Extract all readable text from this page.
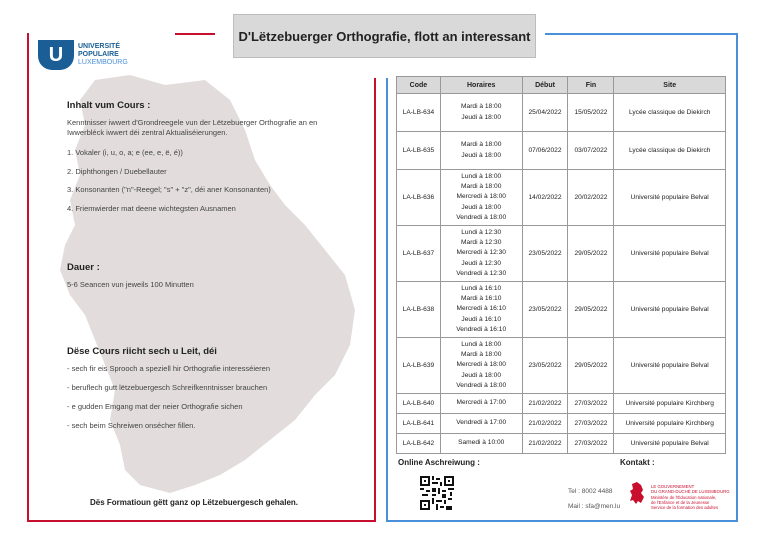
D'Lëtzebuerger Orthografie, flott an interessant
U	UNIVERSITÉ
POPULAIRE
LUXEMBOURG
Inhalt vum Cours :
Kenntnisser iwwert d'Grondreegele vun der Lëtzebuerger Orthografie an en
Iwwerbléck iwwert déi zentral Aktualiséierungen.
1. Vokaler (i, u, o, a; e (ee, e, ë, é))
2. Diphthongen / Duebellauter
3. Konsonanten ("n"-Reegel; "s" + "z", déi aner Konsonanten)
4. Friemwierder mat deene wichtegsten Ausnamen
Dauer :
5-6 Seancen vun jeweils 100 Minutten
Dëse Cours riicht sech u Leit, déi
- sech fir eis Sprooch a speziell hir Orthografie interesséieren
- beruflech gutt lëtzebuergesch Schreifkenntnisser brauchen
- e gudden Emgang mat der neier Orthografie sichen
- sech beim Schreiwen onsécher fillen.
Dës Formatioun gëtt ganz op Lëtzebuergesch gehalen.
Code	Horaires	Début	Fin	Site
LA-LB-634	Mardi à 18:00
Jeudi à 18:00	25/04/2022	15/05/2022	Lycée classique de Diekirch
LA-LB-635	Mardi à 18:00
Jeudi à 18:00	07/06/2022	03/07/2022	Lycée classique de Diekirch
LA-LB-636	Lundi à 18:00
Mardi à 18:00
Mercredi à 18:00
Jeudi à 18:00
Vendredi à 18:00	14/02/2022	20/02/2022	Université populaire Belval
LA-LB-637	Lundi à 12:30
Mardi à 12:30
Mercredi à 12:30
Jeudi à 12:30
Vendredi à 12:30	23/05/2022	29/05/2022	Université populaire Belval
LA-LB-638	Lundi à 16:10
Mardi à 16:10
Mercredi à 16:10
Jeudi à 16:10
Vendredi à 16:10	23/05/2022	29/05/2022	Université populaire Belval
LA-LB-639	Lundi à 18:00
Mardi à 18:00
Mercredi à 18:00
Jeudi à 18:00
Vendredi à 18:00	23/05/2022	29/05/2022	Université populaire Belval
LA-LB-640	Mercredi à 17:00	21/02/2022	27/03/2022	Université populaire Kirchberg
LA-LB-641	Vendredi à 17:00	21/02/2022	27/03/2022	Université populaire Kirchberg
LA-LB-642	Samedi à 10:00	21/02/2022	27/03/2022	Université populaire Belval
Online Aschreiwung :	Kontakt :
Tel : 8002 4488
Mail : sfa@men.lu
LE GOUVERNEMENT
DU GRAND-DUCHÉ DE LUXEMBOURG
Ministère de l'Éducation nationale,
de l'Enfance et de la Jeunesse
Service de la formation des adultes
